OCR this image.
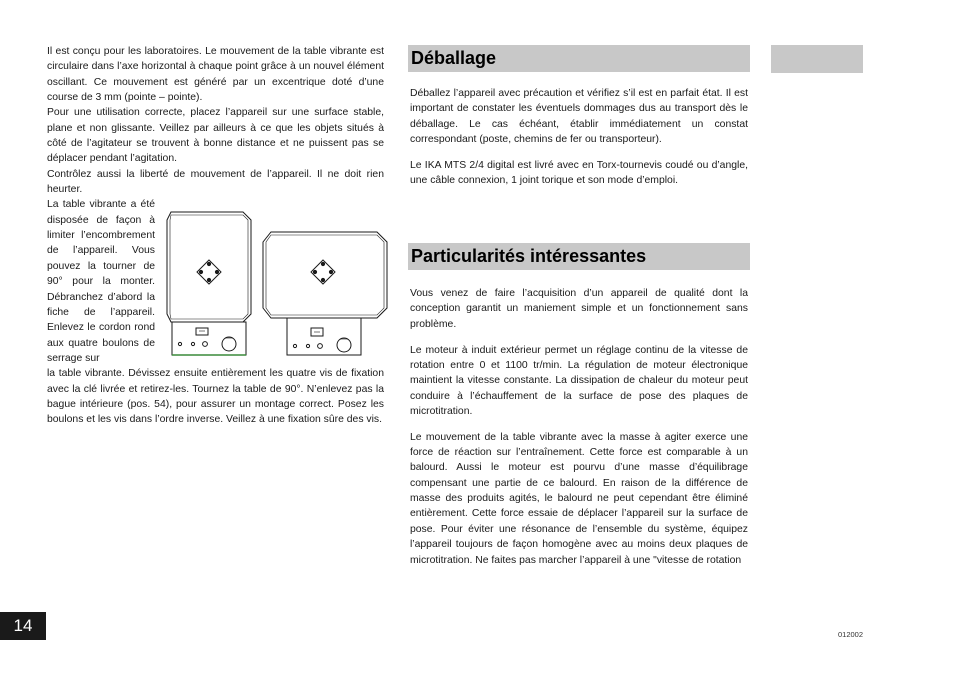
Il est conçu pour les laboratoires. Le mouvement de la table vibrante est circulaire dans l’axe horizontal à chaque point grâce à un nouvel élément oscillant. Ce mouvement est généré par un excentrique doté d’une course de 3 mm (pointe – pointe).

Pour une utilisation correcte, placez l’appareil sur une surface stable, plane et non glissante. Veillez par ailleurs à ce que les objets situés à côté de l’agitateur se trouvent à bonne distance et ne puissent pas se déplacer pendant l’agitation.

Contrôlez aussi la liberté de mouvement de l’appareil. Il ne doit rien heurter.

La table vibrante a été disposée de façon à limiter l’encombrement de l’appareil. Vous pouvez la tourner de 90° pour la monter. Débranchez d’abord la fiche de l’appareil. Enlevez le cordon rond aux quatre boulons de serrage sur

la table vibrante. Dévissez ensuite entièrement les quatre vis de fixation avec la clé livrée et retirez-les. Tournez la table de 90°. N’enlevez pas la bague intérieure (pos. 54), pour assurer un montage correct. Posez les boulons et les vis dans l’ordre inverse. Veillez à une fixation sûre des vis.

Déballage

Déballez l’appareil avec précaution et vérifiez s’il est en parfait état. Il est important de constater les éventuels dommages dus au transport dès le déballage. Le cas échéant, établir immédiatement un constat correspondant (poste, chemins de fer ou transporteur).

Le IKA MTS 2/4 digital est livré avec en Torx-tournevis coudé ou d’angle, une câble connexion, 1 joint torique et son mode d’emploi.

Particularités intéressantes

Vous venez de faire l’acquisition d’un appareil de qualité dont la conception garantit un maniement simple et un fonctionnement sans problème.

Le moteur à induit extérieur permet un réglage continu de la vitesse de rotation entre 0 et 1100 tr/min. La régulation de moteur électronique maintient la vitesse constante. La dissipation de chaleur du moteur peut conduire à l’échauffement de la surface de pose des plaques de microtitration.

Le mouvement de la table vibrante avec la masse à agiter exerce une force de réaction sur l’entraînement. Cette force est comparable à un balourd. Aussi le moteur est pourvu d’une masse d’équilibrage compensant une partie de ce balourd. En raison de la différence de masse des produits agités, le balourd ne peut cependant être éliminé entièrement. Cette force essaie de déplacer l’appareil sur la surface de pose. Pour éviter une résonance de l’ensemble du système, équipez l’appareil toujours de façon homogène avec au moins deux plaques de microtitration. Ne faites pas marcher l’appareil à une "vitesse de rotation

14	012002
